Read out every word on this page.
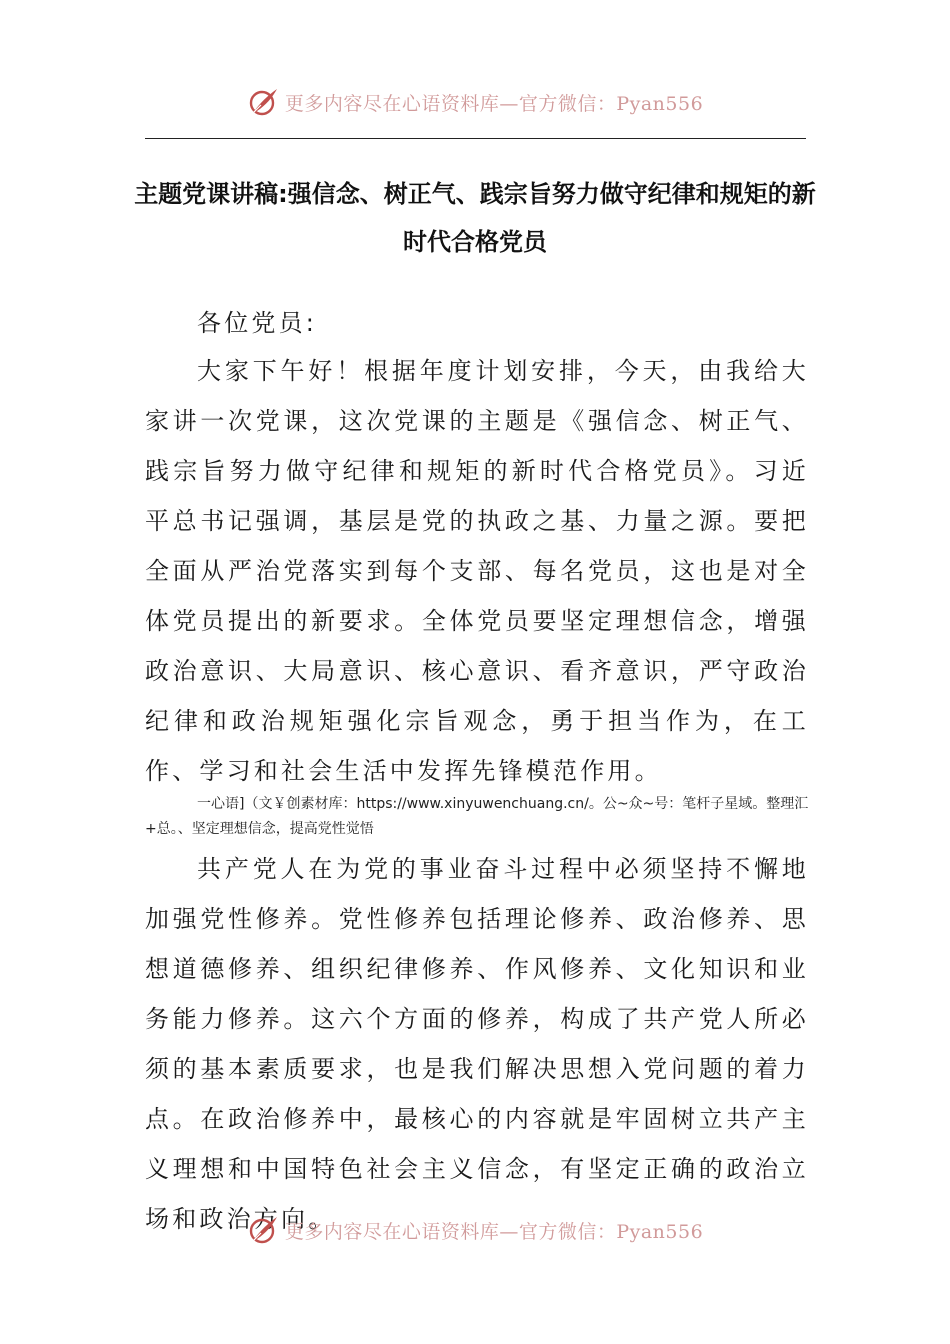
更多内容尽在心语资料库—官方微信：Pyan556
主题党课讲稿:强信念、树正气、践宗旨努力做守纪律和规矩的新时代合格党员

各位党员:

大家下午好！根据年度计划安排，今天，由我给大家讲一次党课，这次党课的主题是《强信念、树正气、践宗旨努力做守纪律和规矩的新时代合格党员》。习近平总书记强调，基层是党的执政之基、力量之源。要把全面从严治党落实到每个支部、每名党员，这也是对全体党员提出的新要求。全体党员要坚定理想信念，增强政治意识、大局意识、核心意识、看齐意识，严守政治纪律和政治规矩强化宗旨观念，勇于担当作为，在工作、学习和社会生活中发挥先锋模范作用。

一心语]（文￥创素材库：https://www.xinyuwenchuang.cn/。公~众~号：笔杆子星域。整理汇+总。、坚定理想信念，提高党性觉悟

共产党人在为党的事业奋斗过程中必须坚持不懈地加强党性修养。党性修养包括理论修养、政治修养、思想道德修养、组织纪律修养、作风修养、文化知识和业务能力修养。这六个方面的修养，构成了共产党人所必须的基本素质要求，也是我们解决思想入党问题的着力点。在政治修养中，最核心的内容就是牢固树立共产主义理想和中国特色社会主义信念，有坚定正确的政治立场和政治方向。

更多内容尽在心语资料库—官方微信：Pyan556
